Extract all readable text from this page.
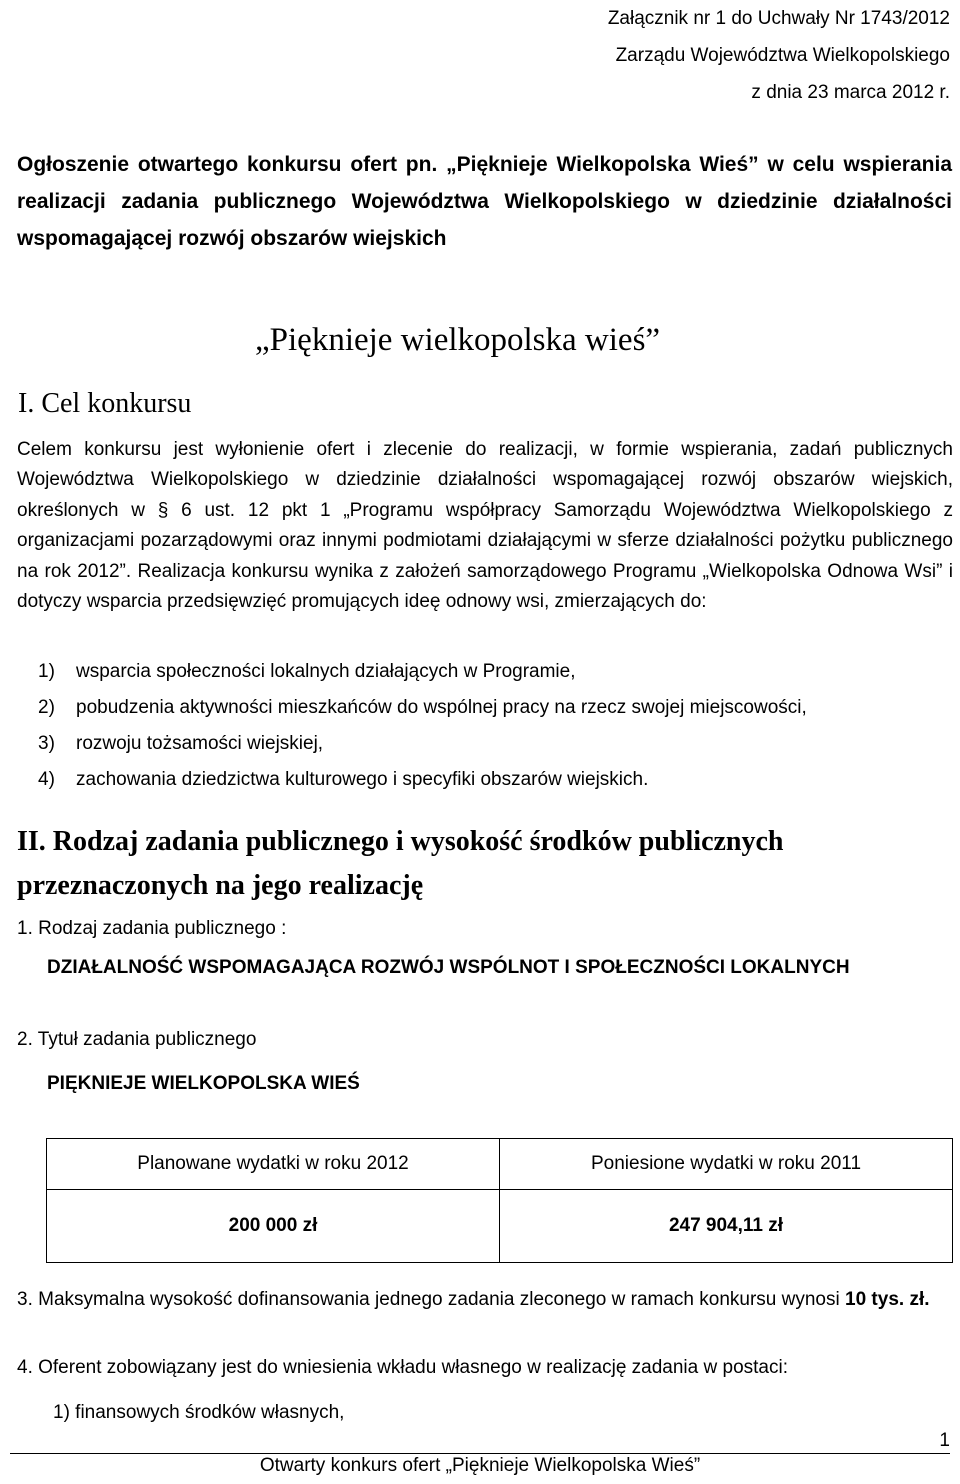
Załącznik nr 1 do Uchwały Nr 1743/2012
Zarządu Województwa Wielkopolskiego
z dnia 23 marca 2012 r.

Ogłoszenie otwartego konkursu ofert pn. „Pięknieje Wielkopolska Wieś” w celu wspierania realizacji zadania publicznego Województwa Wielkopolskiego w dziedzinie działalności wspomagającej rozwój obszarów wiejskich

„Pięknieje wielkopolska wieś”
I. Cel konkursu
Celem konkursu jest wyłonienie ofert i zlecenie do realizacji, w formie wspierania, zadań publicznych Województwa Wielkopolskiego w dziedzinie działalności wspomagającej rozwój obszarów wiejskich, określonych w § 6 ust. 12 pkt 1 „Programu współpracy Samorządu Województwa Wielkopolskiego z organizacjami pozarządowymi oraz innymi podmiotami działającymi w sferze działalności pożytku publicznego na rok 2012”. Realizacja konkursu wynika z założeń samorządowego Programu „Wielkopolska Odnowa Wsi” i dotyczy wsparcia przedsięwzięć promujących ideę odnowy wsi, zmierzających do:
1) wsparcia społeczności lokalnych działających w Programie,
2) pobudzenia aktywności mieszkańców do wspólnej pracy na rzecz swojej miejscowości,
3) rozwoju tożsamości wiejskiej,
4) zachowania dziedzictwa kulturowego i specyfiki obszarów wiejskich.
II. Rodzaj zadania publicznego i wysokość środków publicznych przeznaczonych na jego realizację
1. Rodzaj zadania publicznego :
DZIAŁALNOŚĆ WSPOMAGAJĄCA ROZWÓJ WSPÓLNOT I SPOŁECZNOŚCI LOKALNYCH
2. Tytuł zadania publicznego
PIĘKNIEJE WIELKOPOLSKA WIEŚ
Planowane wydatki w roku 2012	Poniesione wydatki w roku 2011
200 000 zł	247 904,11 zł
3. Maksymalna wysokość dofinansowania jednego zadania zleconego w ramach konkursu wynosi 10 tys. zł.
4. Oferent zobowiązany jest do wniesienia wkładu własnego w realizację zadania w postaci:
1) finansowych środków własnych,
1
Otwarty konkurs ofert „Pięknieje Wielkopolska Wieś”
